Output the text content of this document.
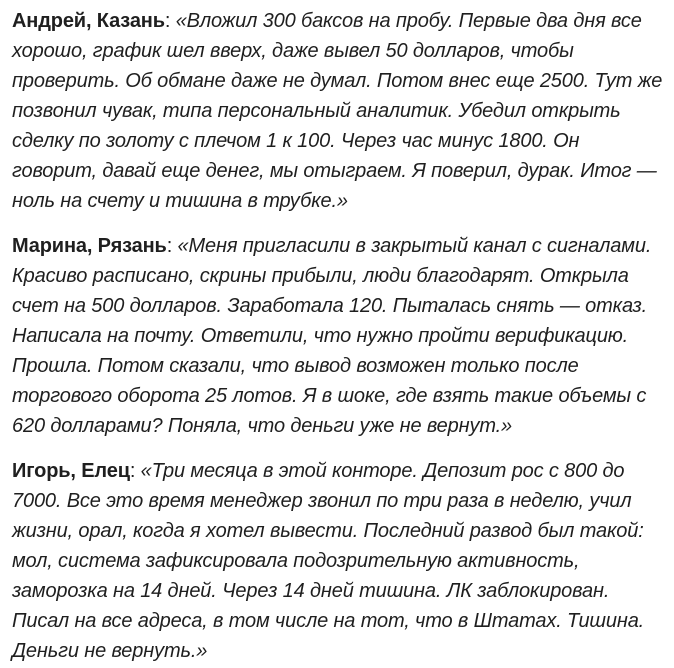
Андрей, Казань: «Вложил 300 баксов на пробу. Первые два дня все хорошо, график шел вверх, даже вывел 50 долларов, чтобы проверить. Об обмане даже не думал. Потом внес еще 2500. Тут же позвонил чувак, типа персональный аналитик. Убедил открыть сделку по золоту с плечом 1 к 100. Через час минус 1800. Он говорит, давай еще денег, мы отыграем. Я поверил, дурак. Итог — ноль на счету и тишина в трубке.»

Марина, Рязань: «Меня пригласили в закрытый канал с сигналами. Красиво расписано, скрины прибыли, люди благодарят. Открыла счет на 500 долларов. Заработала 120. Пыталась снять — отказ. Написала на почту. Ответили, что нужно пройти верификацию. Прошла. Потом сказали, что вывод возможен только после торгового оборота 25 лотов. Я в шоке, где взять такие объемы с 620 долларами? Поняла, что деньги уже не вернут.»

Игорь, Елец: «Три месяца в этой конторе. Депозит рос с 800 до 7000. Все это время менеджер звонил по три раза в неделю, учил жизни, орал, когда я хотел вывести. Последний развод был такой: мол, система зафиксировала подозрительную активность, заморозка на 14 дней. Через 14 дней тишина. ЛК заблокирован. Писал на все адреса, в том числе на тот, что в Штатах. Тишина. Деньги не вернуть.»
